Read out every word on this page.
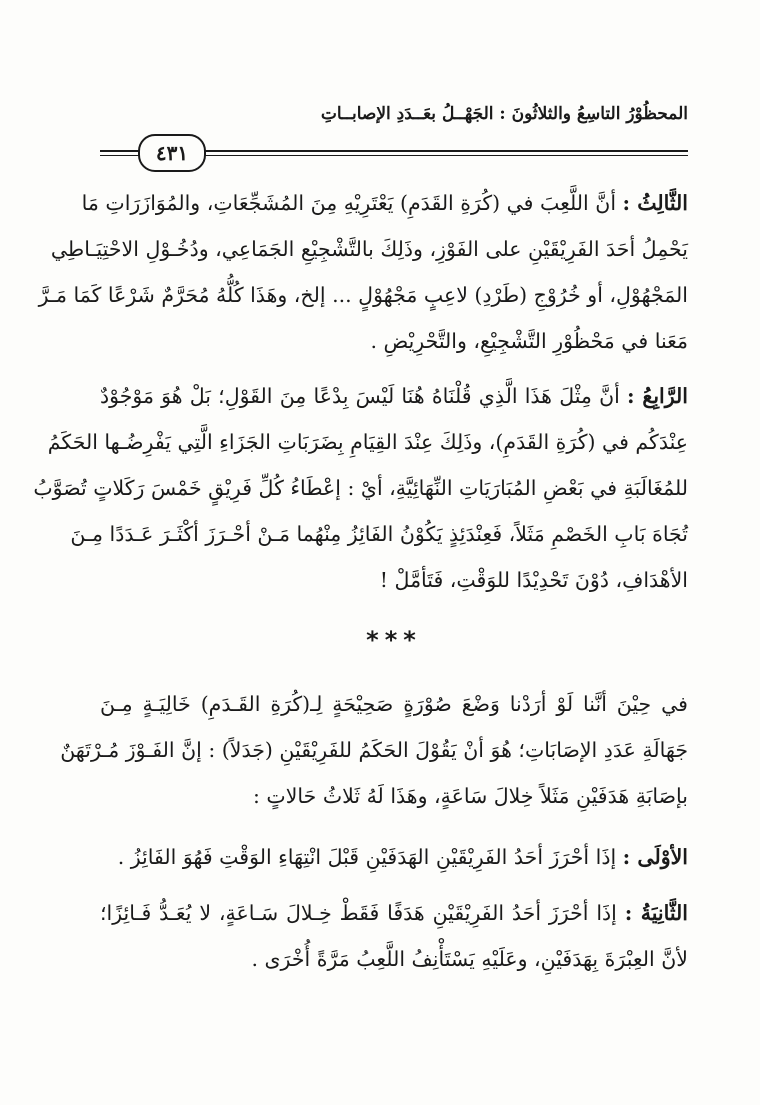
المحظُوْرُ التاسِعُ والثلاثُونَ : الجَهْــلُ بعَــدَدِ الإصابــاتِ
٤٣١
الثَّالِثُ : أنَّ اللَّعِبَ في (كُرَةِ القَدَمِ) يَعْتَرِيْهِ مِنَ المُشَجِّعَاتِ، والمُوَازَرَاتِ مَا
يَحْمِلُ أحَدَ الفَرِيْقَيْنِ على الفَوْزِ، وذَلِكَ بالتَّشْجِيْعِ الجَمَاعِي، ودُخُـوْلِ الاحْتِيَـاطِي
المَجْهُوْلِ، أو خُرُوْجِ (طَرْدِ) لاعِبٍ مَجْهُوْلٍ ... إلخ، وهَذَا كُلُّهُ مُحَرَّمٌ شَرْعًا كَمَا مَـرَّ
مَعَنا في مَحْظُوْرِ التَّشْجِيْعِ، والتَّحْرِيْضِ .
الرَّابِعُ : أنَّ مِثْلَ هَذَا الَّذِي قُلْنَاهُ هُنَا لَيْسَ بِدْعًا مِنَ القَوْلِ؛ بَلْ هُوَ مَوْجُوْدٌ
عِنْدَكُم في (كُرَةِ القَدَمِ)، وذَلِكَ عِنْدَ القِيَامِ بِضَرَبَاتِ الجَزَاءِ الَّتِي يَفْرِضُـها الحَكَمُ
للمُغَالَبَةِ في بَعْضِ المُبَارَيَاتِ النِّهَائِيَّةِ، أيْ : إعْطَاءُ كُلِّ فَرِيْقٍ خَمْسَ رَكَلاتٍ تُصَوَّبُ
تُجَاهَ بَابِ الخَصْمِ مَثَلاً، فَعِنْدَئِذٍ يَكُوْنُ الفَائِزُ مِنْهُما مَـنْ أحْـرَزَ أكْثَـرَ عَـدَدًا مِـنَ
الأهْدَافِ، دُوْنَ تَحْدِيْدًا للوَقْتِ، فَتَأمَّلْ !
***
في حِيْنَ أنَّنا لَوْ أرَدْنا وَضْعَ صُوْرَةٍ صَحِيْحَةٍ لِـ(كُرَةِ القَـدَمِ) خَالِيَـةٍ مِـنَ
جَهَالَةِ عَدَدِ الإصَابَاتِ؛ هُوَ أنْ يَقُوْلَ الحَكَمُ للفَرِيْقَيْنِ (جَدَلاً) : إنَّ الفَـوْزَ مُـرْتَهَنٌ
بإصَابَةِ هَدَفَيْنِ مَثَلاً خِلالَ سَاعَةٍ، وهَذَا لَهُ ثَلاثُ حَالاتٍ :
الأوْلَى : إذَا أحْرَزَ أحَدُ الفَرِيْقَيْنِ الهَدَفَيْنِ قَبْلَ انْتِهَاءِ الوَقْتِ فَهُوَ الفَائِزُ .
الثَّانِيَةُ : إذَا أحْرَزَ أحَدُ الفَرِيْقَيْنِ هَدَفًا فَقَطْ خِـلالَ سَـاعَةٍ، لا يُعَـدُّ فَـائِزًا؛
لأنَّ العِبْرَةَ بِهَدَفَيْنِ، وعَلَيْهِ يَسْتَأْنِفُ اللَّعِبُ مَرَّةً أُخْرَى .
